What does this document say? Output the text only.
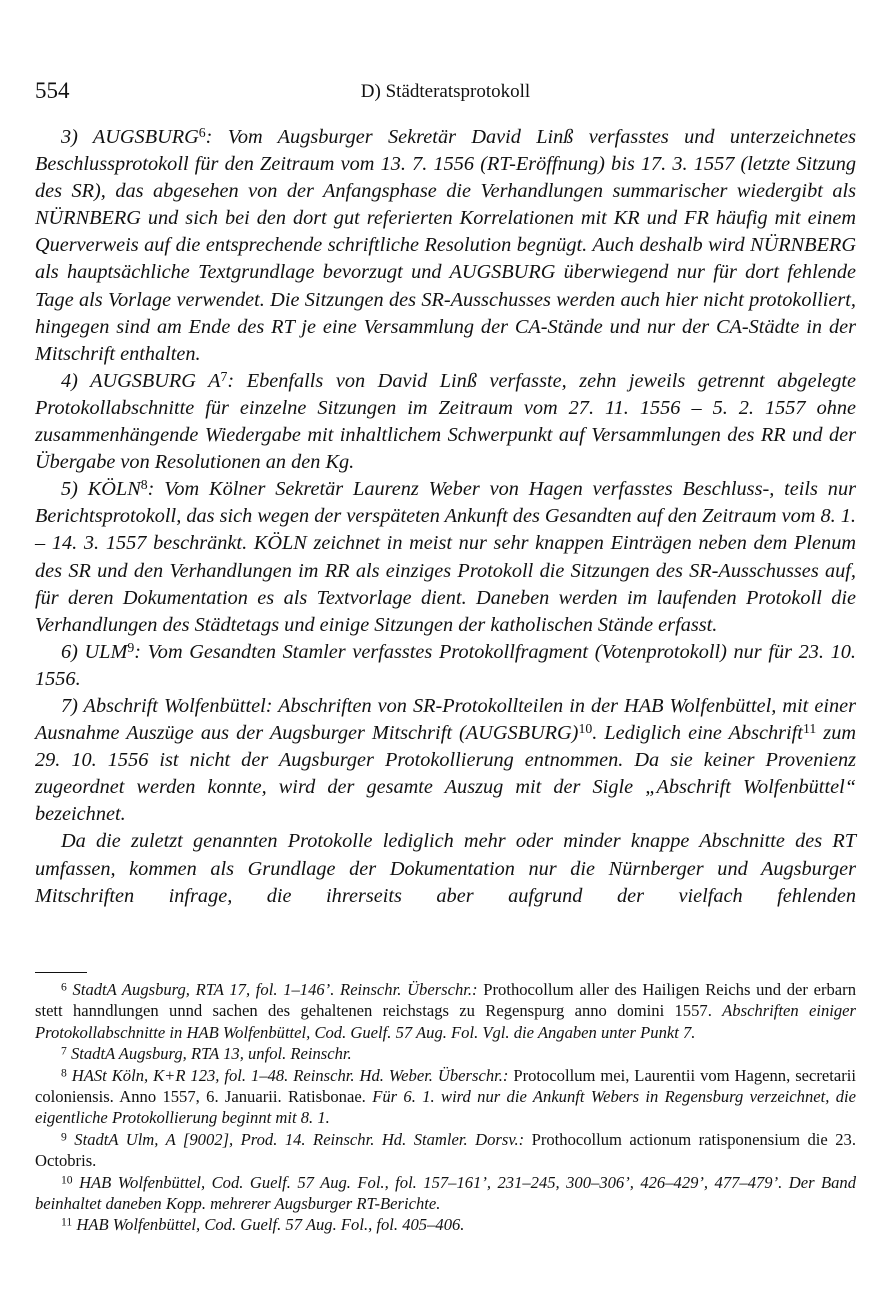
554	D) Städteratsprotokoll

3) AUGSBURG$^6$: Vom Augsburger Sekretär David Linß verfasstes und unterzeichnetes Beschlussprotokoll für den Zeitraum vom 13. 7. 1556 (RT-Eröffnung) bis 17. 3. 1557 (letzte Sitzung des SR), das abgesehen von der Anfangsphase die Verhandlungen summarischer wiedergibt als NÜRNBERG und sich bei den dort gut referierten Korrelationen mit KR und FR häufig mit einem Querverweis auf die entsprechende schriftliche Resolution begnügt. Auch deshalb wird NÜRNBERG als hauptsächliche Textgrundlage bevorzugt und AUGSBURG überwiegend nur für dort fehlende Tage als Vorlage verwendet. Die Sitzungen des SR-Ausschusses werden auch hier nicht protokolliert, hingegen sind am Ende des RT je eine Versammlung der CA-Stände und nur der CA-Städte in der Mitschrift enthalten.

4) AUGSBURG $A^7$: Ebenfalls von David Linß verfasste, zehn jeweils getrennt abgelegte Protokollabschnitte für einzelne Sitzungen im Zeitraum vom 27. 11. 1556 – 5. 2. 1557 ohne zusammenhängende Wiedergabe mit inhaltlichem Schwerpunkt auf Versammlungen des RR und der Übergabe von Resolutionen an den Kg.

5) KÖLN$^8$: Vom Kölner Sekretär Laurenz Weber von Hagen verfasstes Beschluss-, teils nur Berichtsprotokoll, das sich wegen der verspäteten Ankunft des Gesandten auf den Zeitraum vom 8. 1. – 14. 3. 1557 beschränkt. KÖLN zeichnet in meist nur sehr knappen Einträgen neben dem Plenum des SR und den Verhandlungen im RR als einziges Protokoll die Sitzungen des SR-Ausschusses auf, für deren Dokumentation es als Textvorlage dient. Daneben werden im laufenden Protokoll die Verhandlungen des Städtetags und einige Sitzungen der katholischen Stände erfasst.

6) ULM$^9$: Vom Gesandten Stamler verfasstes Protokollfragment (Votenprotokoll) nur für 23. 10. 1556.

7) Abschrift Wolfenbüttel: Abschriften von SR-Protokollteilen in der HAB Wolfenbüttel, mit einer Ausnahme Auszüge aus der Augsburger Mitschrift (AUGSBURG)$^{10}$. Lediglich eine Abschrift$^{11}$ zum 29. 10. 1556 ist nicht der Augsburger Protokollierung entnommen. Da sie keiner Provenienz zugeordnet werden konnte, wird der gesamte Auszug mit der Sigle „Abschrift Wolfenbüttel“ bezeichnet.

Da die zuletzt genannten Protokolle lediglich mehr oder minder knappe Abschnitte des RT umfassen, kommen als Grundlage der Dokumentation nur die Nürnberger und Augsburger Mitschriften infrage, die ihrerseits aber aufgrund der vielfach fehlenden

$^6$ StadtA Augsburg, RTA 17, fol. 1–146’. Reinschr. Überschr.: Prothocollum aller des Hailigen Reichs und der erbarn stett hanndlungen unnd sachen des gehaltenen reichstags zu Regenspurg anno domini 1557. Abschriften einiger Protokollabschnitte in HAB Wolfenbüttel, Cod. Guelf. 57 Aug. Fol. Vgl. die Angaben unter Punkt 7.

$^7$ StadtA Augsburg, RTA 13, unfol. Reinschr.

$^8$ HASt Köln, K+R 123, fol. 1–48. Reinschr. Hd. Weber. Überschr.: Protocollum mei, Laurentii vom Hagenn, secretarii coloniensis. Anno 1557, 6. Januarii. Ratisbonae. Für 6. 1. wird nur die Ankunft Webers in Regensburg verzeichnet, die eigentliche Protokollierung beginnt mit 8. 1.

$^9$ StadtA Ulm, A [9002], Prod. 14. Reinschr. Hd. Stamler. Dorsv.: Prothocollum actionum ratisponensium die 23. Octobris.

$^{10}$ HAB Wolfenbüttel, Cod. Guelf. 57 Aug. Fol., fol. 157–161’, 231–245, 300–306’, 426–429’, 477–479’. Der Band beinhaltet daneben Kopp. mehrerer Augsburger RT-Berichte.

$^{11}$ HAB Wolfenbüttel, Cod. Guelf. 57 Aug. Fol., fol. 405–406.
